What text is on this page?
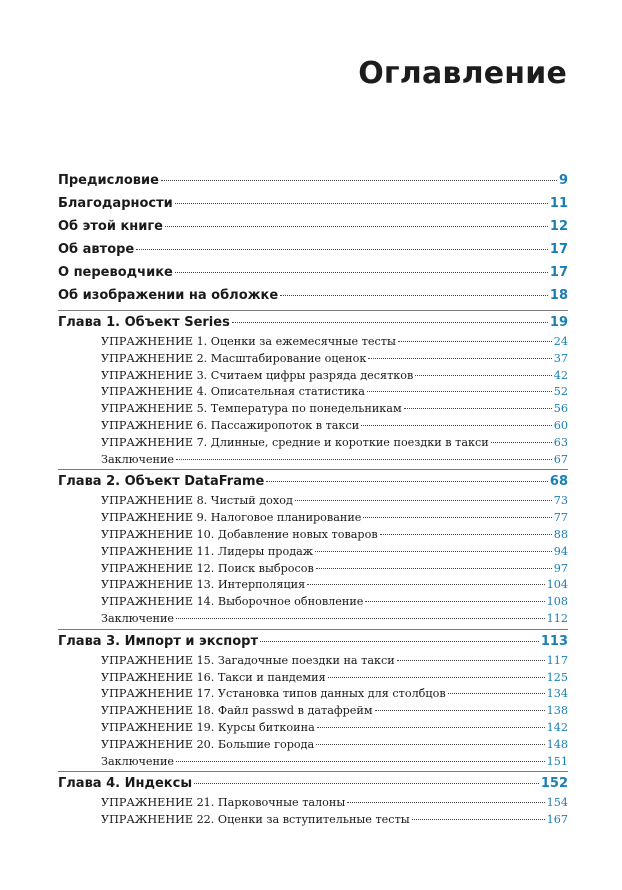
Оглавление
Предисловие	9
Благодарности	11
Об этой книге	12
Об авторе	17
О переводчике	17
Об изображении на обложке	18
Глава 1. Объект Series	19
УПРАЖНЕНИЕ 1. Оценки за ежемесячные тесты	24
УПРАЖНЕНИЕ 2. Масштабирование оценок	37
УПРАЖНЕНИЕ 3. Считаем цифры разряда десятков	42
УПРАЖНЕНИЕ 4. Описательная статистика	52
УПРАЖНЕНИЕ 5. Температура по понедельникам	56
УПРАЖНЕНИЕ 6. Пассажиропоток в такси	60
УПРАЖНЕНИЕ 7. Длинные, средние и короткие поездки в такси	63
Заключение	67
Глава 2. Объект DataFrame	68
УПРАЖНЕНИЕ 8. Чистый доход	73
УПРАЖНЕНИЕ 9. Налоговое планирование	77
УПРАЖНЕНИЕ 10. Добавление новых товаров	88
УПРАЖНЕНИЕ 11. Лидеры продаж	94
УПРАЖНЕНИЕ 12. Поиск выбросов	97
УПРАЖНЕНИЕ 13. Интерполяция	104
УПРАЖНЕНИЕ 14. Выборочное обновление	108
Заключение	112
Глава 3. Импорт и экспорт	113
УПРАЖНЕНИЕ 15. Загадочные поездки на такси	117
УПРАЖНЕНИЕ 16. Такси и пандемия	125
УПРАЖНЕНИЕ 17. Установка типов данных для столбцов	134
УПРАЖНЕНИЕ 18. Файл passwd в датафрейм	138
УПРАЖНЕНИЕ 19. Курсы биткоина	142
УПРАЖНЕНИЕ 20. Большие города	148
Заключение	151
Глава 4. Индексы	152
УПРАЖНЕНИЕ 21. Парковочные талоны	154
УПРАЖНЕНИЕ 22. Оценки за вступительные тесты	167
